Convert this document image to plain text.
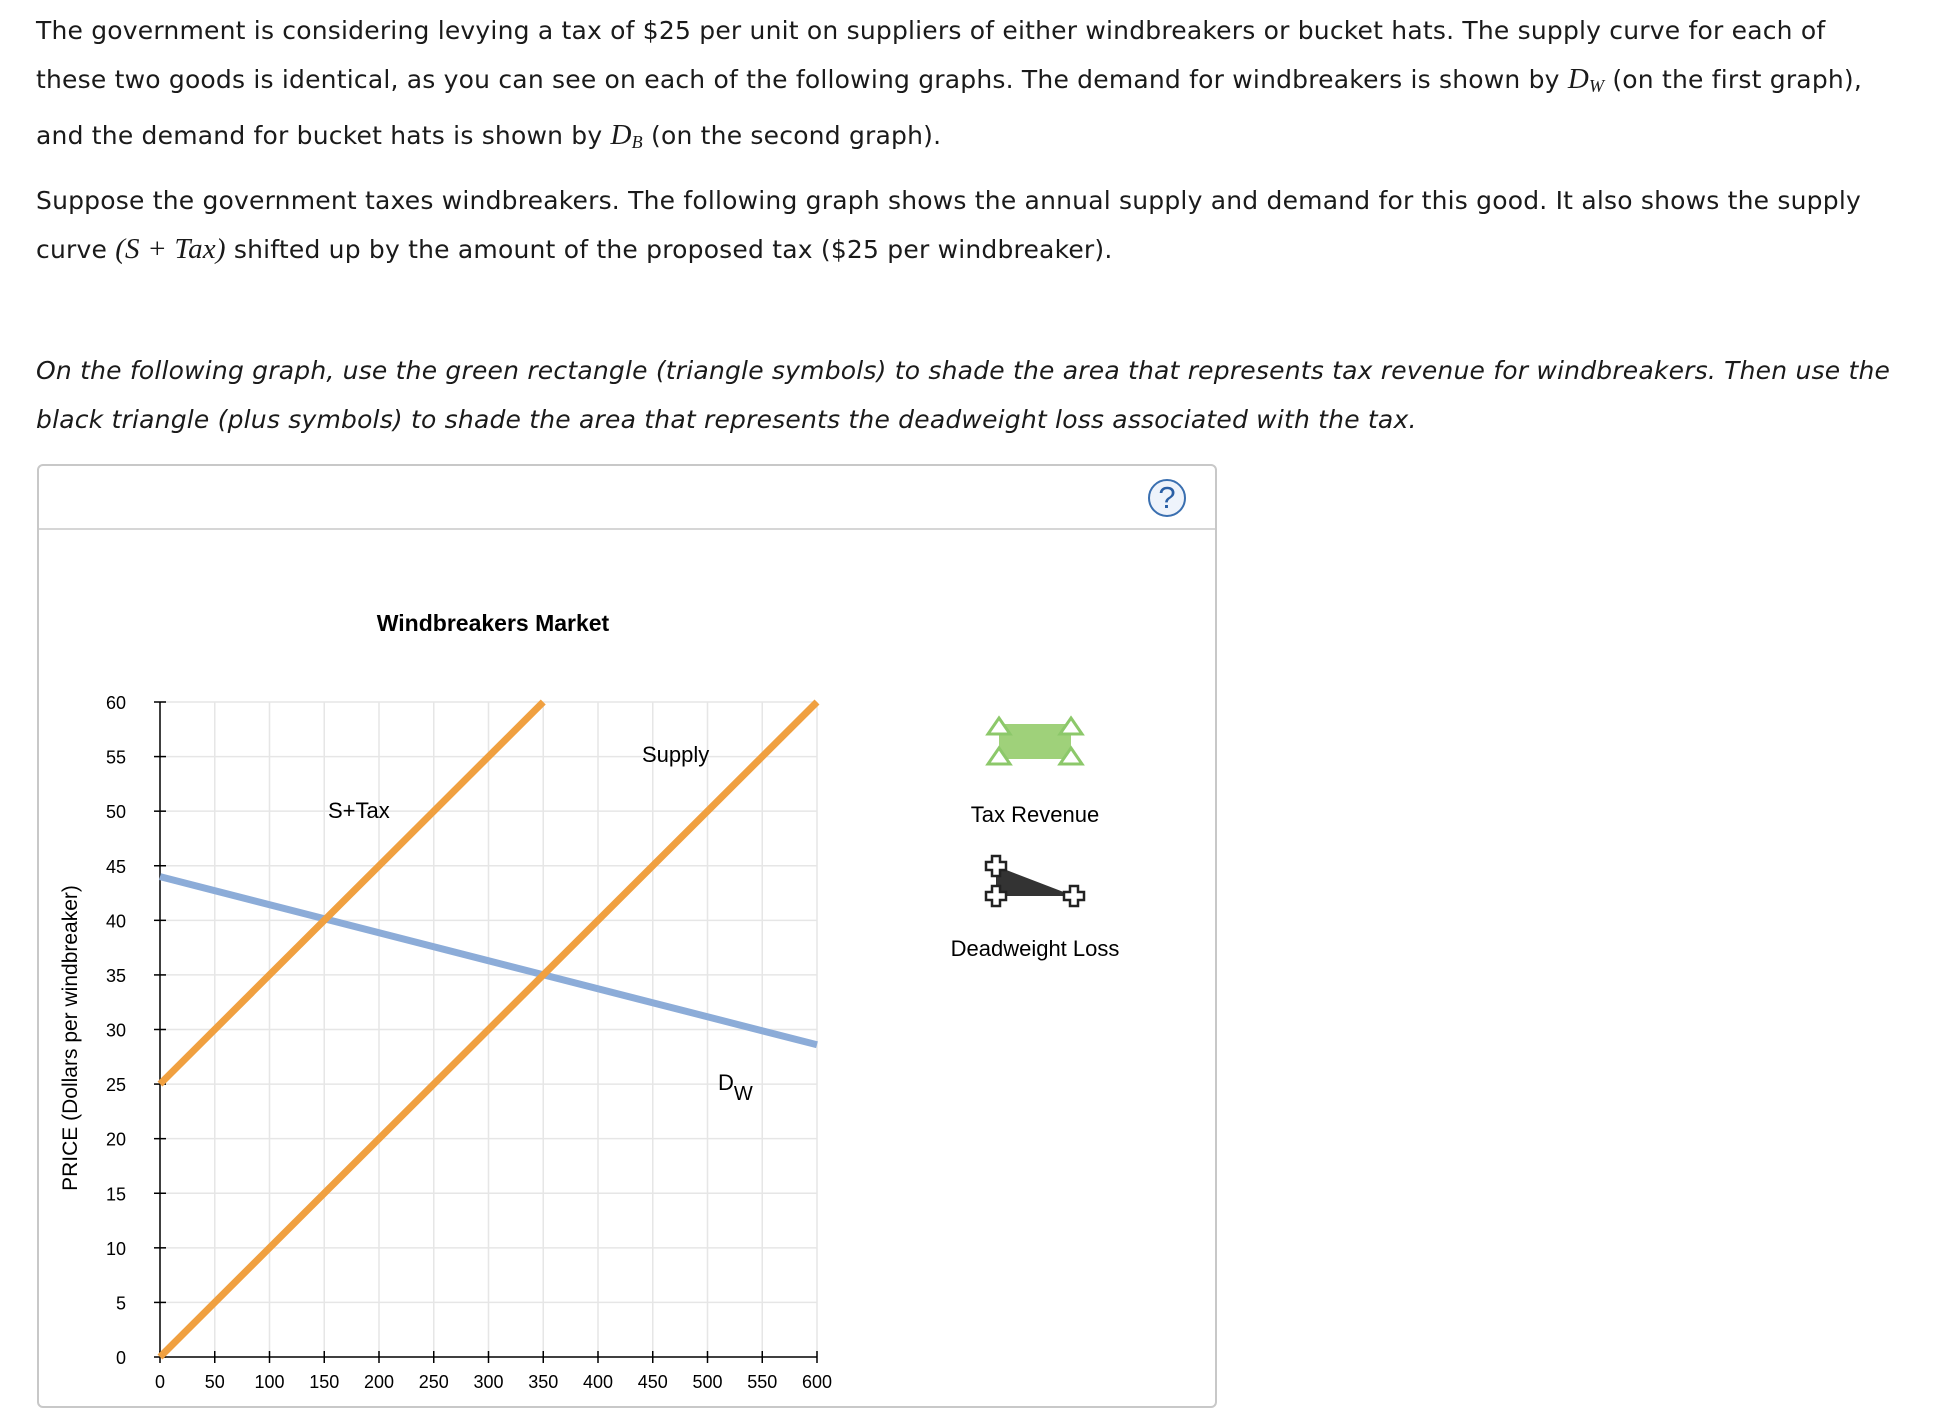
The government is considering levying a tax of $25 per unit on suppliers of either windbreakers or bucket hats. The supply curve for each of these two goods is identical, as you can see on each of the following graphs. The demand for windbreakers is shown by $D_W$ (on the first graph), and the demand for bucket hats is shown by $D_B$ (on the second graph).
Suppose the government taxes windbreakers. The following graph shows the annual supply and demand for this good. It also shows the supply curve (S + Tax) shifted up by the amount of the proposed tax ($25 per windbreaker).
On the following graph, use the green rectangle (triangle symbols) to shade the area that represents tax revenue for windbreakers. Then use the black triangle (plus symbols) to shade the area that represents the deadweight loss associated with the tax.
?
0
5
10
15
20
25
30
35
40
45
50
55
60
0 50 100 150 200 250 300 350 400 450 500 550 600
Windbreakers Market
PRICE (Dollars per windbreaker)
Supply
S+Tax
DW
Tax Revenue
Deadweight Loss
